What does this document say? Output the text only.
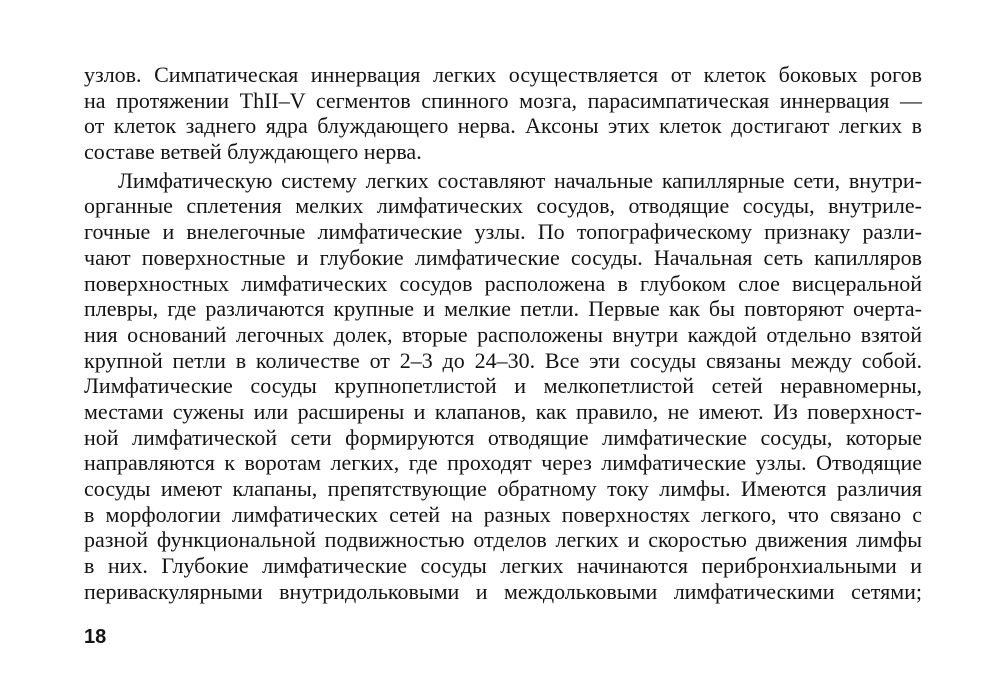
узлов. Симпатическая иннервация легких осуществляется от клеток боковых рогов
на протяжении ThII–V сегментов спинного мозга, парасимпатическая иннервация —
от клеток заднего ядра блуждающего нерва. Аксоны этих клеток достигают легких в
составе ветвей блуждающего нерва.
Лимфатическую систему легких составляют начальные капиллярные сети, внутри-
органные сплетения мелких лимфатических сосудов, отводящие сосуды, внутриле-
гочные и внелегочные лимфатические узлы. По топографическому признаку разли-
чают поверхностные и глубокие лимфатические сосуды. Начальная сеть капилляров
поверхностных лимфатических сосудов расположена в глубоком слое висцеральной
плевры, где различаются крупные и мелкие петли. Первые как бы повторяют очерта-
ния оснований легочных долек, вторые расположены внутри каждой отдельно взятой
крупной петли в количестве от 2–3 до 24–30. Все эти сосуды связаны между собой.
Лимфатические сосуды крупнопетлистой и мелкопетлистой сетей неравномерны,
местами сужены или расширены и клапанов, как правило, не имеют. Из поверхност-
ной лимфатической сети формируются отводящие лимфатические сосуды, которые
направляются к воротам легких, где проходят через лимфатические узлы. Отводящие
сосуды имеют клапаны, препятствующие обратному току лимфы. Имеются различия
в морфологии лимфатических сетей на разных поверхностях легкого, что связано с
разной функциональной подвижностью отделов легких и скоростью движения лимфы
в них. Глубокие лимфатические сосуды легких начинаются перибронхиальными и
периваскулярными внутридольковыми и междольковыми лимфатическими сетями;
18
